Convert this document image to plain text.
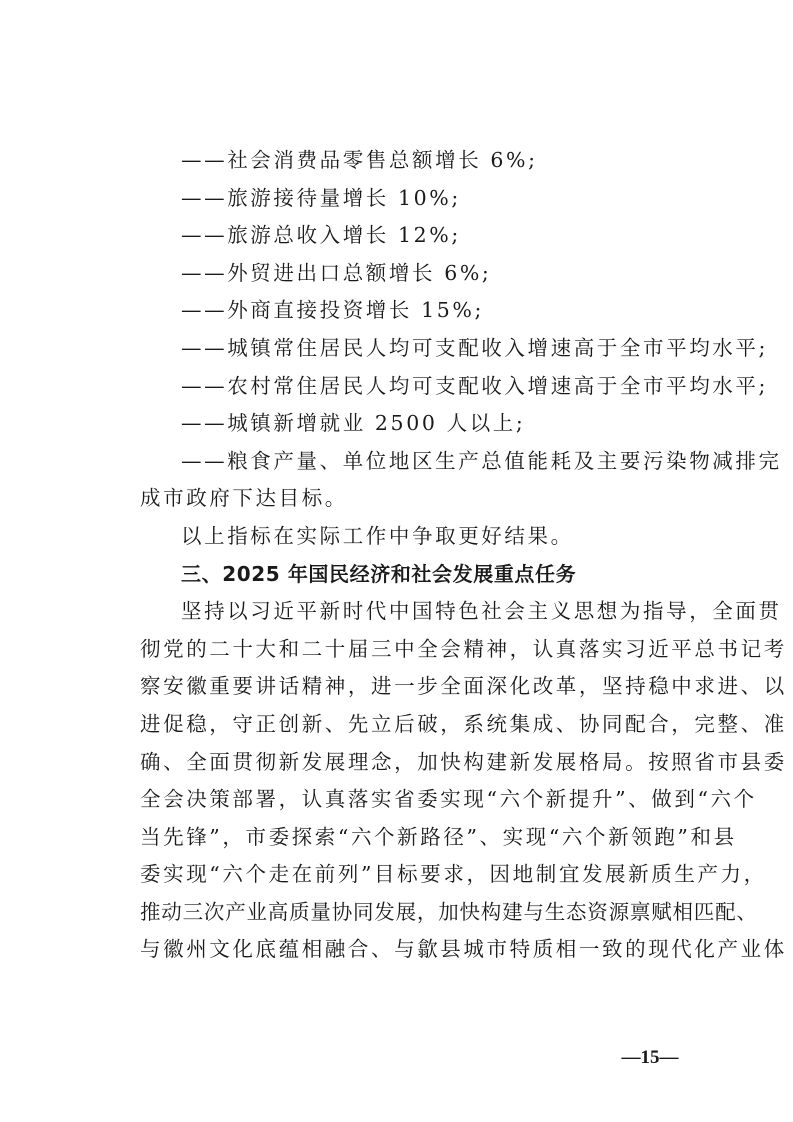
——社会消费品零售总额增长 6%;
——旅游接待量增长 10%;
——旅游总收入增长 12%;
——外贸进出口总额增长 6%;
——外商直接投资增长 15%;
——城镇常住居民人均可支配收入增速高于全市平均水平;
——农村常住居民人均可支配收入增速高于全市平均水平;
——城镇新增就业 2500 人以上;
——粮食产量、单位地区生产总值能耗及主要污染物减排完
成市政府下达目标。
以上指标在实际工作中争取更好结果。
三、2025 年国民经济和社会发展重点任务
坚持以习近平新时代中国特色社会主义思想为指导，全面贯
彻党的二十大和二十届三中全会精神，认真落实习近平总书记考
察安徽重要讲话精神，进一步全面深化改革，坚持稳中求进、以
进促稳，守正创新、先立后破，系统集成、协同配合，完整、准
确、全面贯彻新发展理念，加快构建新发展格局。按照省市县委
全会决策部署，认真落实省委实现“六个新提升”、做到“六个
当先锋”，市委探索“六个新路径”、实现“六个新领跑”和县
委实现“六个走在前列”目标要求，因地制宜发展新质生产力，
推动三次产业高质量协同发展，加快构建与生态资源禀赋相匹配、
与徽州文化底蕴相融合、与歙县城市特质相一致的现代化产业体
—15—
